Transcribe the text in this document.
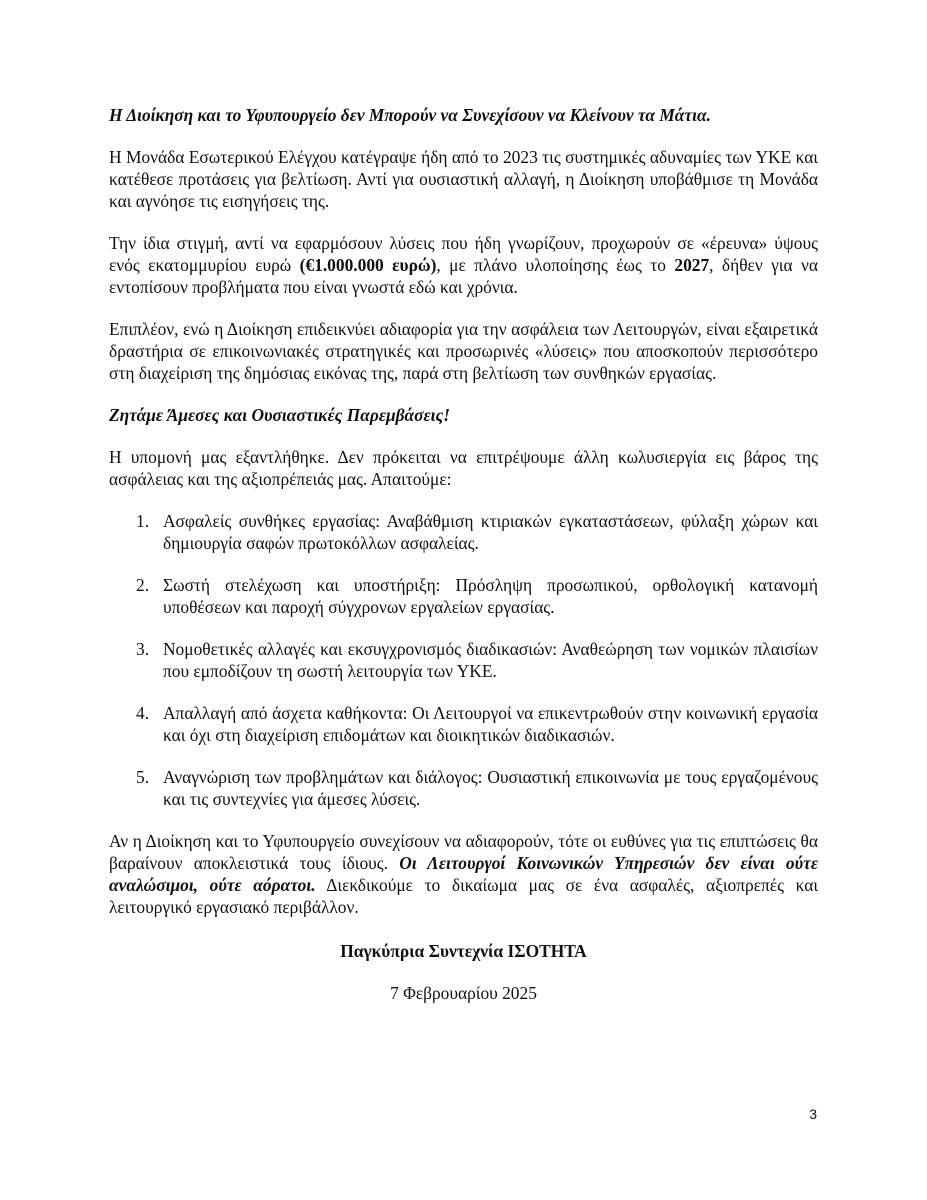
Η Διοίκηση και το Υφυπουργείο δεν Μπορούν να Συνεχίσουν να Κλείνουν τα Μάτια.

Η Μονάδα Εσωτερικού Ελέγχου κατέγραψε ήδη από το 2023 τις συστημικές αδυναμίες των ΥΚΕ και κατέθεσε προτάσεις για βελτίωση. Αντί για ουσιαστική αλλαγή, η Διοίκηση υποβάθμισε τη Μονάδα και αγνόησε τις εισηγήσεις της.

Την ίδια στιγμή, αντί να εφαρμόσουν λύσεις που ήδη γνωρίζουν, προχωρούν σε «έρευνα» ύψους ενός εκατομμυρίου ευρώ (€1.000.000 ευρώ), με πλάνο υλοποίησης έως το 2027, δήθεν για να εντοπίσουν προβλήματα που είναι γνωστά εδώ και χρόνια.

Επιπλέον, ενώ η Διοίκηση επιδεικνύει αδιαφορία για την ασφάλεια των Λειτουργών, είναι εξαιρετικά δραστήρια σε επικοινωνιακές στρατηγικές και προσωρινές «λύσεις» που αποσκοπούν περισσότερο στη διαχείριση της δημόσιας εικόνας της, παρά στη βελτίωση των συνθηκών εργασίας.

Ζητάμε Άμεσες και Ουσιαστικές Παρεμβάσεις!

Η υπομονή μας εξαντλήθηκε. Δεν πρόκειται να επιτρέψουμε άλλη κωλυσιεργία εις βάρος της ασφάλειας και της αξιοπρέπειάς μας. Απαιτούμε:

1. Ασφαλείς συνθήκες εργασίας: Αναβάθμιση κτιριακών εγκαταστάσεων, φύλαξη χώρων και δημιουργία σαφών πρωτοκόλλων ασφαλείας.
2. Σωστή στελέχωση και υποστήριξη: Πρόσληψη προσωπικού, ορθολογική κατανομή υποθέσεων και παροχή σύγχρονων εργαλείων εργασίας.
3. Νομοθετικές αλλαγές και εκσυγχρονισμός διαδικασιών: Αναθεώρηση των νομικών πλαισίων που εμποδίζουν τη σωστή λειτουργία των ΥΚΕ.
4. Απαλλαγή από άσχετα καθήκοντα: Οι Λειτουργοί να επικεντρωθούν στην κοινωνική εργασία και όχι στη διαχείριση επιδομάτων και διοικητικών διαδικασιών.
5. Αναγνώριση των προβλημάτων και διάλογος: Ουσιαστική επικοινωνία με τους εργαζομένους και τις συντεχνίες για άμεσες λύσεις.

Αν η Διοίκηση και το Υφυπουργείο συνεχίσουν να αδιαφορούν, τότε οι ευθύνες για τις επιπτώσεις θα βαραίνουν αποκλειστικά τους ίδιους. Οι Λειτουργοί Κοινωνικών Υπηρεσιών δεν είναι ούτε αναλώσιμοι, ούτε αόρατοι. Διεκδικούμε το δικαίωμα μας σε ένα ασφαλές, αξιοπρεπές και λειτουργικό εργασιακό περιβάλλον.

Παγκύπρια Συντεχνία ΙΣΟΤΗΤΑ

7 Φεβρουαρίου 2025

3
